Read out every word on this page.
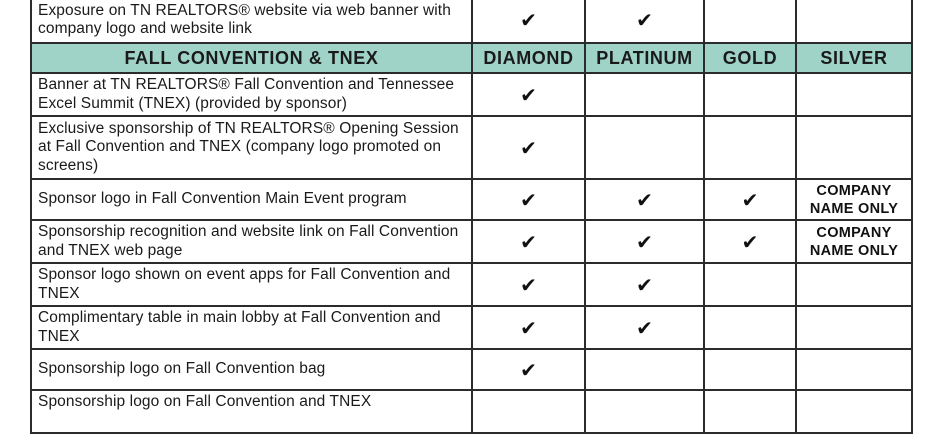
Exposure on TN REALTORS® website via web banner with company logo and website link	✔	✔		
FALL CONVENTION & TNEX	DIAMOND	PLATINUM	GOLD	SILVER
Banner at TN REALTORS® Fall Convention and Tennessee Excel Summit (TNEX) (provided by sponsor)	✔			
Exclusive sponsorship of TN REALTORS® Opening Session at Fall Convention and TNEX (company logo promoted on screens)	✔			
Sponsor logo in Fall Convention Main Event program	✔	✔	✔	COMPANY NAME ONLY
Sponsorship recognition and website link on Fall Convention and TNEX web page	✔	✔	✔	COMPANY NAME ONLY
Sponsor logo shown on event apps for Fall Convention and TNEX	✔	✔		
Complimentary table in main lobby at Fall Convention and TNEX	✔	✔		
Sponsorship logo on Fall Convention bag	✔			
Sponsorship logo on Fall Convention and TNEX				
